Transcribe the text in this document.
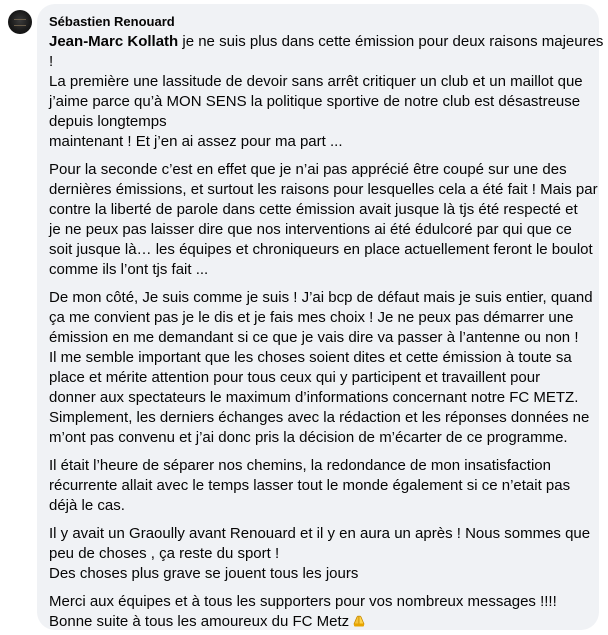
Sébastien Renouard
Jean-Marc Kollath je ne suis plus dans cette émission pour deux raisons majeures
!
La première une lassitude de devoir sans arrêt critiquer un club et un maillot que
j’aime parce qu’à MON SENS la politique sportive de notre club est désastreuse
depuis longtemps
maintenant ! Et j’en ai assez pour ma part ...
Pour la seconde c’est en effet que je n’ai pas apprécié être coupé sur une des
dernières émissions, et surtout les raisons pour lesquelles cela a été fait ! Mais par
contre la liberté de parole dans cette émission avait jusque là tjs été respecté et
je ne peux pas laisser dire que nos interventions ai été édulcoré par qui que ce
soit jusque là… les équipes et chroniqueurs en place actuellement feront le boulot
comme ils l’ont tjs fait ...
De mon côté, Je suis comme je suis ! J’ai bcp de défaut mais je suis entier, quand
ça me convient pas je le dis et je fais mes choix ! Je ne peux pas démarrer une
émission en me demandant si ce que je vais dire va passer à l’antenne ou non !
Il me semble important que les choses soient dites et cette émission à toute sa
place et mérite attention pour tous ceux qui y participent et travaillent pour
donner aux spectateurs le maximum d’informations concernant notre FC METZ.
Simplement, les derniers échanges avec la rédaction et les réponses données ne
m’ont pas convenu et j’ai donc pris la décision de m’écarter de ce programme.
Il était l’heure de séparer nos chemins, la redondance de mon insatisfaction
récurrente allait avec le temps lasser tout le monde également si ce n’etait pas
déjà le cas.
Il y avait un Graoully avant Renouard et il y en aura un après ! Nous sommes que
peu de choses , ça reste du sport !
Des choses plus grave se jouent tous les jours
Merci aux équipes et à tous les supporters pour vos nombreux messages !!!!
Bonne suite à tous les amoureux du FC Metz
